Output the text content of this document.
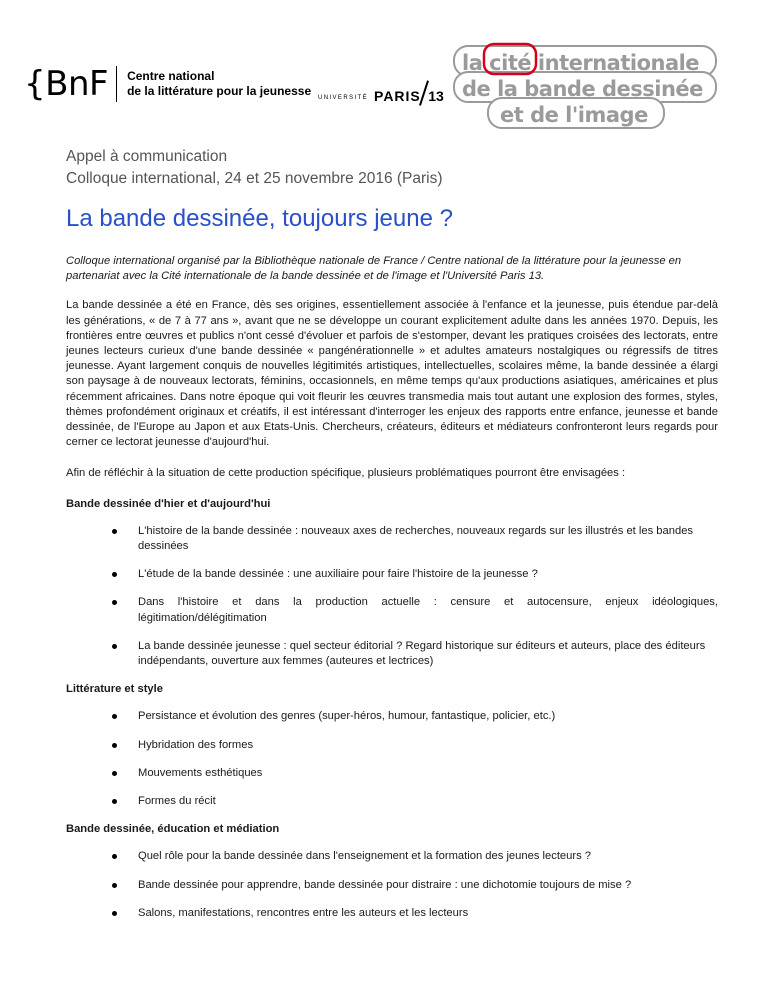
{BnF Centre national
de la littérature pour la jeunesse UNIVERSITÉ PARIS 13
la cité internationale
de la bande dessinée
et de l'image
Appel à communication
Colloque international, 24 et 25 novembre 2016 (Paris)
La bande dessinée, toujours jeune ?

Colloque international organisé par la Bibliothèque nationale de France / Centre national de la littérature pour la jeunesse en partenariat avec la Cité internationale de la bande dessinée et de l'image et l'Université Paris 13.

La bande dessinée a été en France, dès ses origines, essentiellement associée à l'enfance et la jeunesse, puis étendue par-delà les générations, « de 7 à 77 ans », avant que ne se développe un courant explicitement adulte dans les années 1970. Depuis, les frontières entre œuvres et publics n'ont cessé d'évoluer et parfois de s'estomper, devant les pratiques croisées des lectorats, entre jeunes lecteurs curieux d'une bande dessinée « pangénérationnelle » et adultes amateurs nostalgiques ou régressifs de titres jeunesse. Ayant largement conquis de nouvelles légitimités artistiques, intellectuelles, scolaires même, la bande dessinée a élargi son paysage à de nouveaux lectorats, féminins, occasionnels, en même temps qu'aux productions asiatiques, américaines et plus récemment africaines. Dans notre époque qui voit fleurir les œuvres transmedia mais tout autant une explosion des formes, styles, thèmes profondément originaux et créatifs, il est intéressant d'interroger les enjeux des rapports entre enfance, jeunesse et bande dessinée, de l'Europe au Japon et aux Etats-Unis. Chercheurs, créateurs, éditeurs et médiateurs confronteront leurs regards pour cerner ce lectorat jeunesse d'aujourd'hui.

Afin de réfléchir à la situation de cette production spécifique, plusieurs problématiques pourront être envisagées :

Bande dessinée d'hier et d'aujourd'hui
L'histoire de la bande dessinée : nouveaux axes de recherches, nouveaux regards sur les illustrés et les bandes dessinées
L'étude de la bande dessinée : une auxiliaire pour faire l'histoire de la jeunesse ?
Dans l'histoire et dans la production actuelle : censure et autocensure, enjeux idéologiques, légitimation/délégitimation
La bande dessinée jeunesse : quel secteur éditorial ? Regard historique sur éditeurs et auteurs, place des éditeurs indépendants, ouverture aux femmes (auteures et lectrices)
Littérature et style
Persistance et évolution des genres (super-héros, humour, fantastique, policier, etc.)
Hybridation des formes
Mouvements esthétiques
Formes du récit
Bande dessinée, éducation et médiation
Quel rôle pour la bande dessinée dans l'enseignement et la formation des jeunes lecteurs ?
Bande dessinée pour apprendre, bande dessinée pour distraire : une dichotomie toujours de mise ?
Salons, manifestations, rencontres entre les auteurs et les lecteurs
